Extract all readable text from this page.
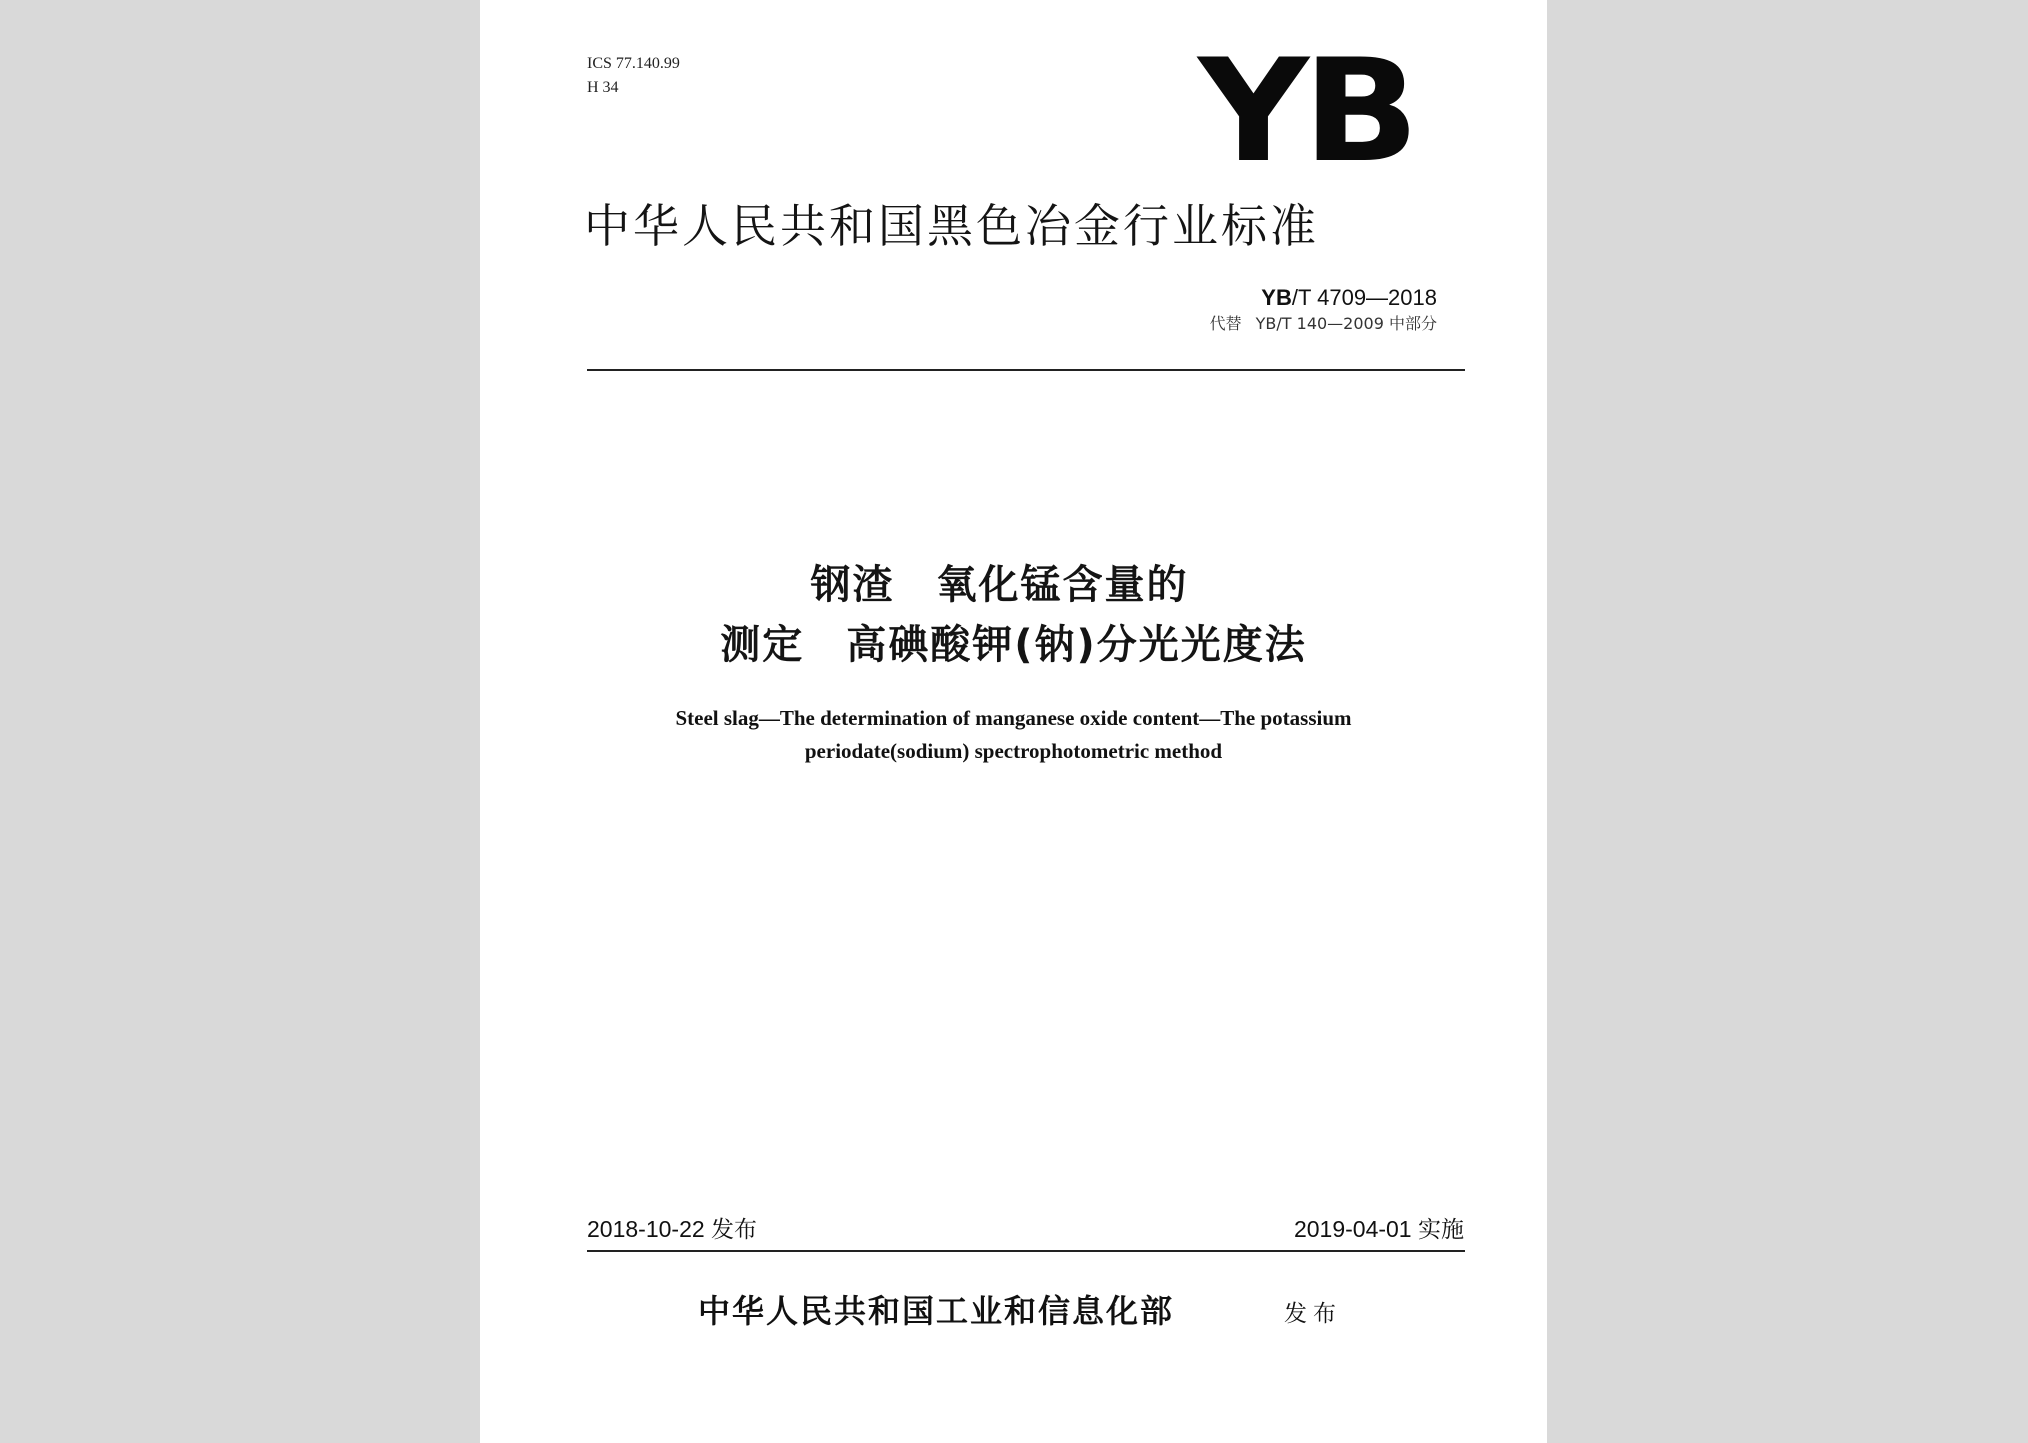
ICS 77.140.99
H 34	YB
中华人民共和国黑色冶金行业标准
YB/T 4709—2018
代替 YB/T 140—2009 中部分
钢渣　氧化锰含量的
测定　高碘酸钾(钠)分光光度法
Steel slag—The determination of manganese oxide content—The potassium
periodate(sodium) spectrophotometric method
2018-10-22 发布	2019-04-01 实施
中华人民共和国工业和信息化部	发布
